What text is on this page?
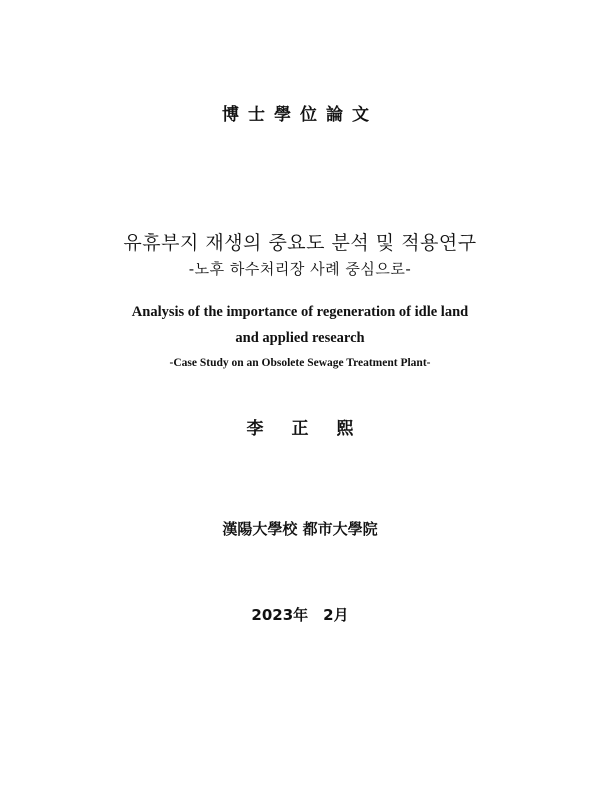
博士學位論文
유휴부지 재생의 중요도 분석 및 적용연구
-노후 하수처리장 사례 중심으로-
Analysis of the importance of regeneration of idle land
and applied research
-Case Study on an Obsolete Sewage Treatment Plant-
李正熙
漢陽大學校 都市大學院
2023年　2月
